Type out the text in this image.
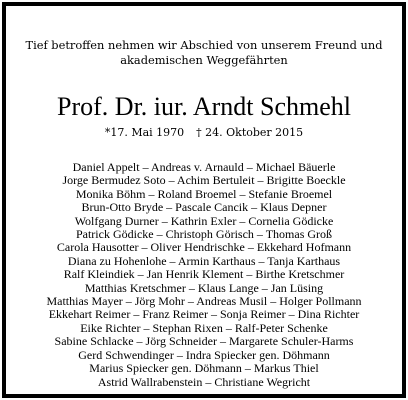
Tief betroffen nehmen wir Abschied von unserem Freund und
akademischen Weggefährten
Prof. Dr. iur. Arndt Schmehl
*17. Mai 1970 † 24. Oktober 2015
Daniel Appelt – Andreas v. Arnauld – Michael Bäuerle
Jorge Bermudez Soto – Achim Bertuleit – Brigitte Boeckle
Monika Böhm – Roland Broemel – Stefanie Broemel
Brun-Otto Bryde – Pascale Cancik – Klaus Depner
Wolfgang Durner – Kathrin Exler – Cornelia Gödicke
Patrick Gödicke – Christoph Görisch – Thomas Groß
Carola Hausotter – Oliver Hendrischke – Ekkehard Hofmann
Diana zu Hohenlohe – Armin Karthaus – Tanja Karthaus
Ralf Kleindiek – Jan Henrik Klement – Birthe Kretschmer
Matthias Kretschmer – Klaus Lange – Jan Lüsing
Matthias Mayer – Jörg Mohr – Andreas Musil – Holger Pollmann
Ekkehart Reimer – Franz Reimer – Sonja Reimer – Dina Richter
Eike Richter – Stephan Rixen – Ralf-Peter Schenke
Sabine Schlacke – Jörg Schneider – Margarete Schuler-Harms
Gerd Schwendinger – Indra Spiecker gen. Döhmann
Marius Spiecker gen. Döhmann – Markus Thiel
Astrid Wallrabenstein – Christiane Wegricht
